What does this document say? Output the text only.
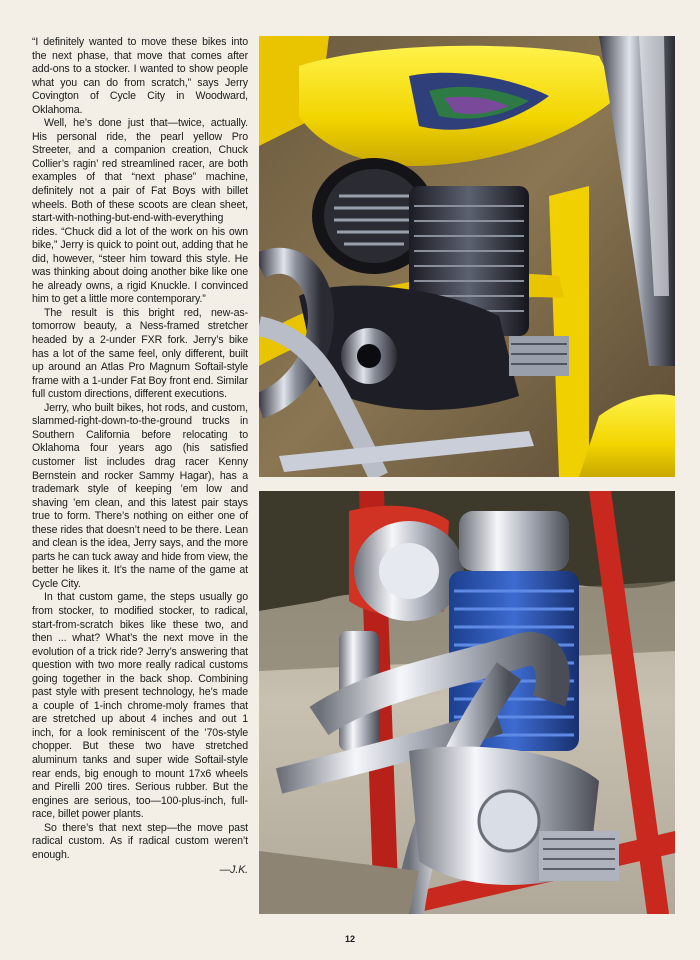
“I definitely wanted to move these bikes into the next phase, that move that comes after add-ons to a stocker. I wanted to show people what you can do from scratch,” says Jerry Covington of Cycle City in Woodward, Oklahoma.

Well, he’s done just that—twice, actually. His personal ride, the pearl yellow Pro Streeter, and a companion creation, Chuck Collier’s ragin’ red streamlined racer, are both examples of that “next phase” machine, definitely not a pair of Fat Boys with billet wheels. Both of these scoots are clean sheet, start-with-nothing-but-end-with-everything rides. “Chuck did a lot of the work on his own bike,” Jerry is quick to point out, adding that he did, however, “steer him toward this style. He was thinking about doing another bike like one he already owns, a rigid Knuckle. I convinced him to get a little more contemporary.”

The result is this bright red, new-as-tomorrow beauty, a Ness-framed stretcher headed by a 2-under FXR fork. Jerry’s bike has a lot of the same feel, only different, built up around an Atlas Pro Magnum Softail-style frame with a 1-under Fat Boy front end. Similar full custom directions, different executions.

Jerry, who built bikes, hot rods, and custom, slammed-right-down-to-the-ground trucks in Southern California before relocating to Oklahoma four years ago (his satisfied customer list includes drag racer Kenny Bernstein and rocker Sammy Hagar), has a trademark style of keeping ’em low and shaving ’em clean, and this latest pair stays true to form. There’s nothing on either one of these rides that doesn’t need to be there. Lean and clean is the idea, Jerry says, and the more parts he can tuck away and hide from view, the better he likes it. It’s the name of the game at Cycle City.

In that custom game, the steps usually go from stocker, to modified stocker, to radical, start-from-scratch bikes like these two, and then ... what? What’s the next move in the evolution of a trick ride? Jerry’s answering that question with two more really radical customs going together in the back shop. Combining past style with present technology, he’s made a couple of 1-inch chrome-moly frames that are stretched up about 4 inches and out 1 inch, for a look reminiscent of the ’70s-style chopper. But these two have stretched aluminum tanks and super wide Softail-style rear ends, big enough to mount 17x6 wheels and Pirelli 200 tires. Serious rubber. But the engines are serious, too—100-plus-inch, full-race, billet power plants.

So there’s that next step—the move past radical custom. As if radical custom weren’t enough.

—J.K.
12
